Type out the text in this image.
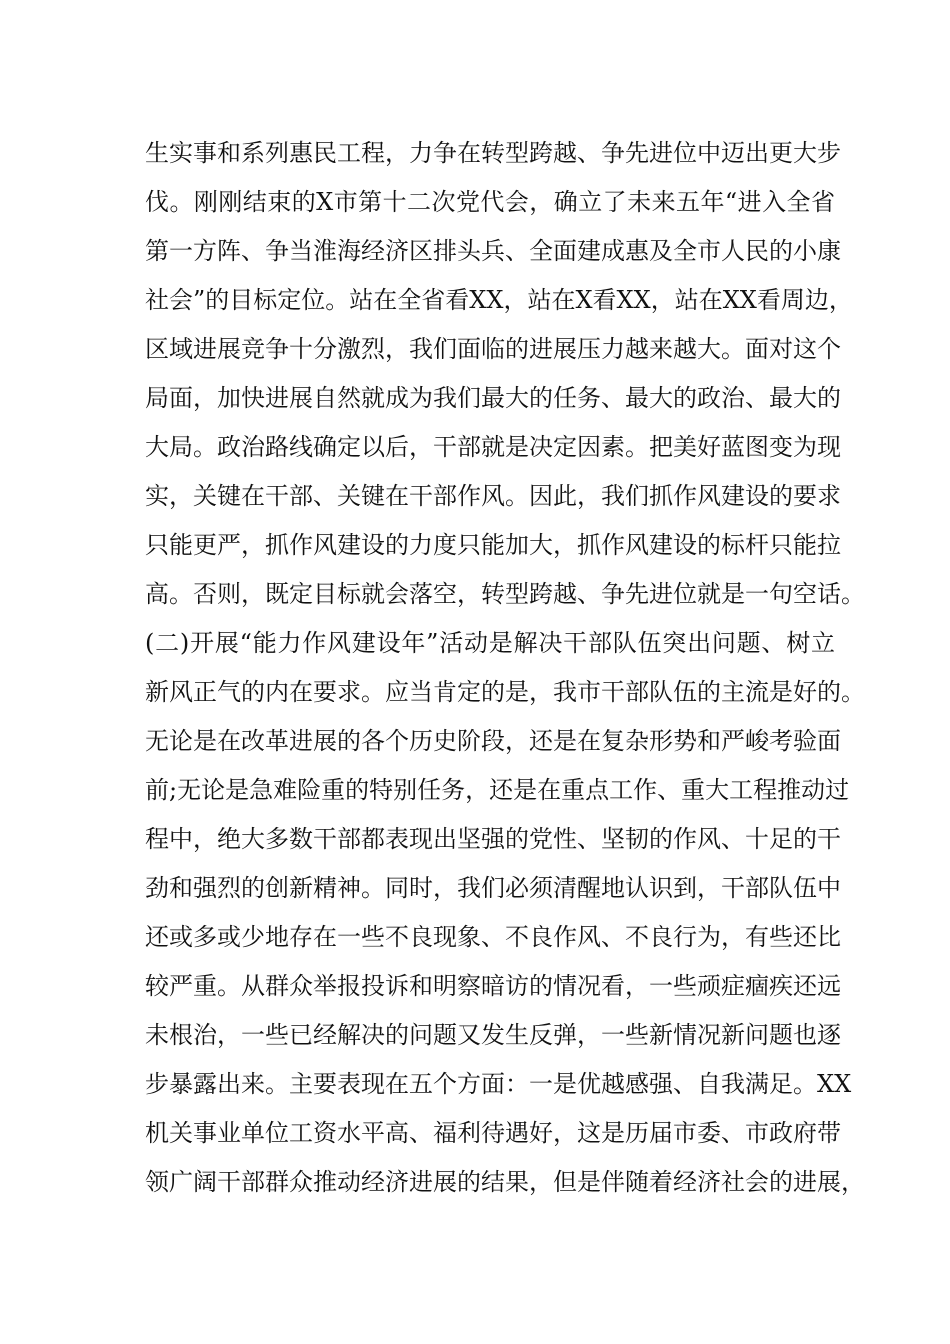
生实事和系列惠民工程，力争在转型跨越、争先进位中迈出更大步
伐。刚刚结束的X市第十二次党代会，确立了未来五年“进入全省
第一方阵、争当淮海经济区排头兵、全面建成惠及全市人民的小康
社会”的目标定位。站在全省看XX，站在X看XX，站在XX看周边，
区域进展竞争十分激烈，我们面临的进展压力越来越大。面对这个
局面，加快进展自然就成为我们最大的任务、最大的政治、最大的
大局。政治路线确定以后，干部就是决定因素。把美好蓝图变为现
实，关键在干部、关键在干部作风。因此，我们抓作风建设的要求
只能更严，抓作风建设的力度只能加大，抓作风建设的标杆只能拉
高。否则，既定目标就会落空，转型跨越、争先进位就是一句空话。
(二)开展“能力作风建设年”活动是解决干部队伍突出问题、树立
新风正气的内在要求。应当肯定的是，我市干部队伍的主流是好的。
无论是在改革进展的各个历史阶段，还是在复杂形势和严峻考验面
前;无论是急难险重的特别任务，还是在重点工作、重大工程推动过
程中，绝大多数干部都表现出坚强的党性、坚韧的作风、十足的干
劲和强烈的创新精神。同时，我们必须清醒地认识到，干部队伍中
还或多或少地存在一些不良现象、不良作风、不良行为，有些还比
较严重。从群众举报投诉和明察暗访的情况看，一些顽症痼疾还远
未根治，一些已经解决的问题又发生反弹，一些新情况新问题也逐
步暴露出来。主要表现在五个方面：一是优越感强、自我满足。XX
机关事业单位工资水平高、福利待遇好，这是历届市委、市政府带
领广阔干部群众推动经济进展的结果，但是伴随着经济社会的进展，
